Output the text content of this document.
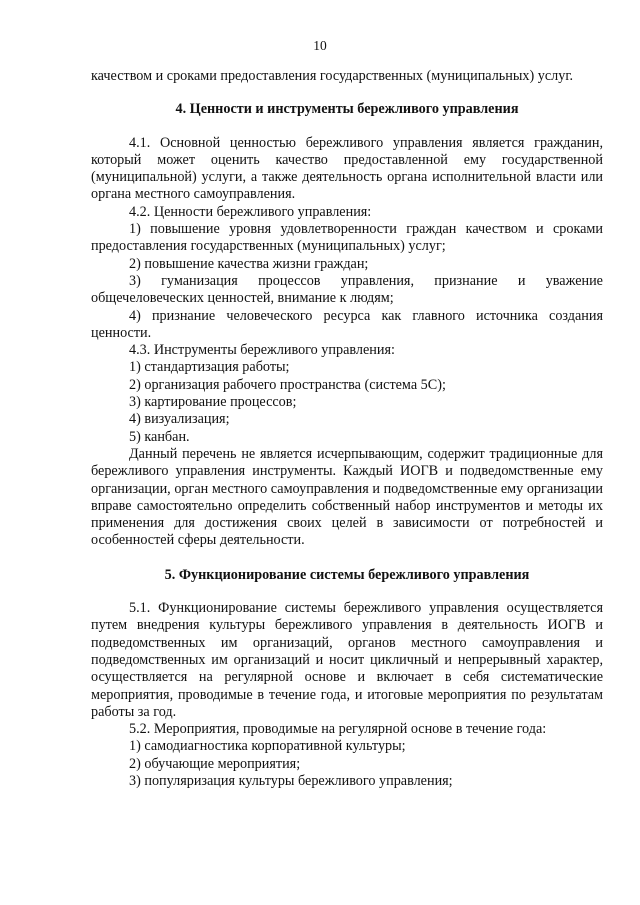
10

качеством и сроками предоставления государственных (муниципальных) услуг.

4. Ценности и инструменты бережливого управления

4.1. Основной ценностью бережливого управления является гражданин, который может оценить качество предоставленной ему государственной (муниципальной) услуги, а также деятельность органа исполнительной власти или органа местного самоуправления.

4.2. Ценности бережливого управления:

1) повышение уровня удовлетворенности граждан качеством и сроками предоставления государственных (муниципальных) услуг;

2) повышение качества жизни граждан;

3) гуманизация процессов управления, признание и уважение общечеловеческих ценностей, внимание к людям;

4) признание человеческого ресурса как главного источника создания ценности.

4.3. Инструменты бережливого управления:

1) стандартизация работы;

2) организация рабочего пространства (система 5С);

3) картирование процессов;

4) визуализация;

5) канбан.

Данный перечень не является исчерпывающим, содержит традиционные для бережливого управления инструменты. Каждый ИОГВ и подведомственные ему организации, орган местного самоуправления и подведомственные ему организации вправе самостоятельно определить собственный набор инструментов и методы их применения для достижения своих целей в зависимости от потребностей и особенностей сферы деятельности.

5. Функционирование системы бережливого управления

5.1. Функционирование системы бережливого управления осуществляется путем внедрения культуры бережливого управления в деятельность ИОГВ и подведомственных им организаций, органов местного самоуправления и подведомственных им организаций и носит цикличный и непрерывный характер, осуществляется на регулярной основе и включает в себя систематические мероприятия, проводимые в течение года, и итоговые мероприятия по результатам работы за год.

5.2. Мероприятия, проводимые на регулярной основе в течение года:

1) самодиагностика корпоративной культуры;

2) обучающие мероприятия;

3) популяризация культуры бережливого управления;
